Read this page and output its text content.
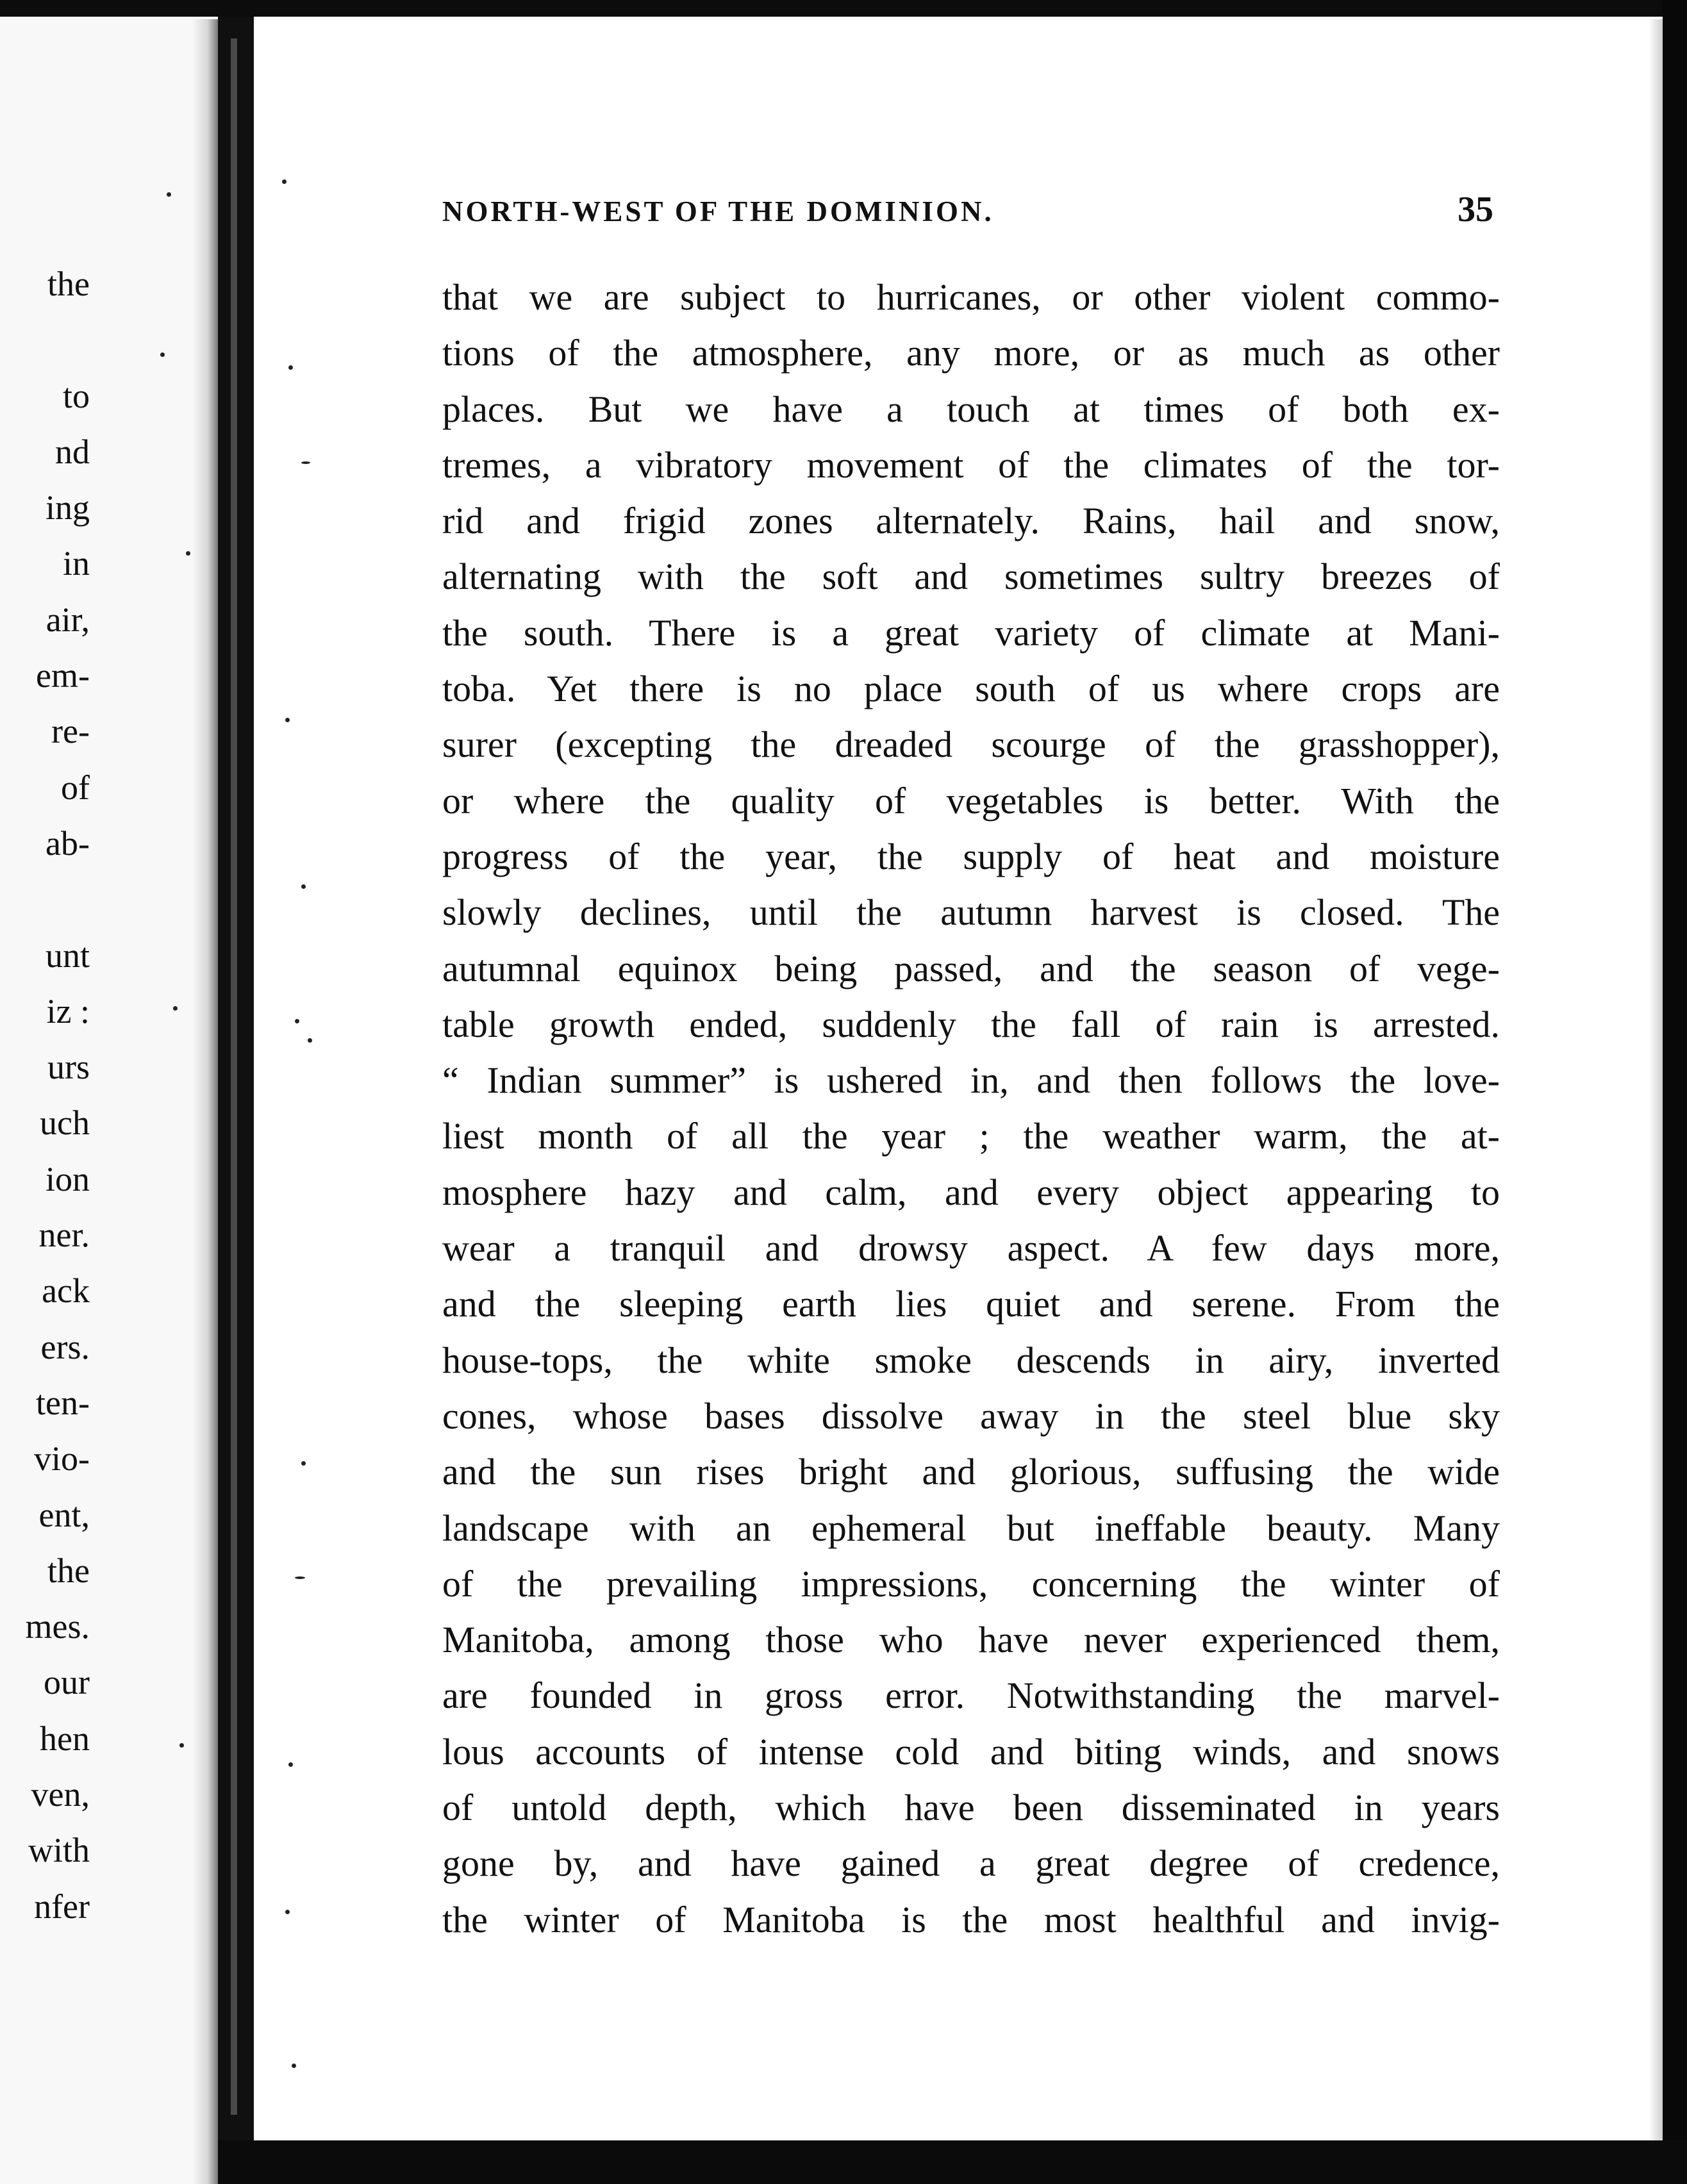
the
to
nd
ing
in
air,
em-
re-
of
ab-
unt
iz :
urs
uch
ion
ner.
ack
ers.
ten-
vio-
ent,
the
mes.
our
hen
ven,
with
nfer
NORTH-WEST OF THE DOMINION.	35
that we are subject to hurricanes, or other violent commo-
tions of the atmosphere, any more, or as much as other
places. But we have a touch at times of both ex-
tremes, a vibratory movement of the climates of the tor-
rid and frigid zones alternately. Rains, hail and snow,
alternating with the soft and sometimes sultry breezes of
the south. There is a great variety of climate at Mani-
toba. Yet there is no place south of us where crops are
surer (excepting the dreaded scourge of the grasshopper),
or where the quality of vegetables is better. With the
progress of the year, the supply of heat and moisture
slowly declines, until the autumn harvest is closed. The
autumnal equinox being passed, and the season of vege-
table growth ended, suddenly the fall of rain is arrested.
“ Indian summer” is ushered in, and then follows the love-
liest month of all the year ; the weather warm, the at-
mosphere hazy and calm, and every object appearing to
wear a tranquil and drowsy aspect. A few days more,
and the sleeping earth lies quiet and serene. From the
house-tops, the white smoke descends in airy, inverted
cones, whose bases dissolve away in the steel blue sky
and the sun rises bright and glorious, suffusing the wide
landscape with an ephemeral but ineffable beauty. Many
of the prevailing impressions, concerning the winter of
Manitoba, among those who have never experienced them,
are founded in gross error. Notwithstanding the marvel-
lous accounts of intense cold and biting winds, and snows
of untold depth, which have been disseminated in years
gone by, and have gained a great degree of credence,
the winter of Manitoba is the most healthful and invig-
